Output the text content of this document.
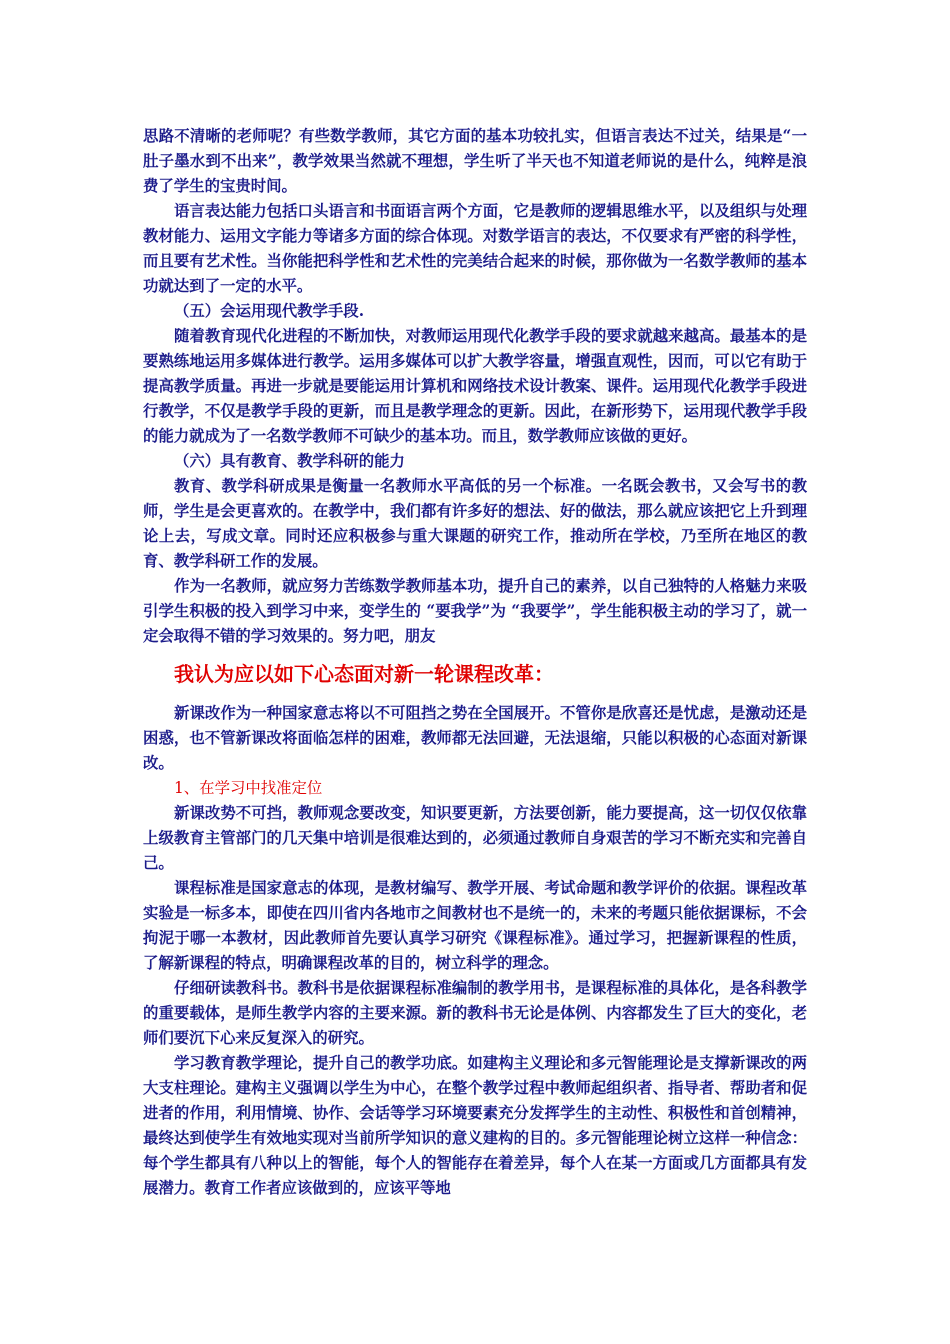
思路不清晰的老师呢？有些数学教师，其它方面的基本功较扎实，但语言表达不过关，结果是“一肚子墨水到不出来”，教学效果当然就不理想，学生听了半天也不知道老师说的是什么，纯粹是浪费了学生的宝贵时间。

语言表达能力包括口头语言和书面语言两个方面，它是教师的逻辑思维水平，以及组织与处理教材能力、运用文字能力等诸多方面的综合体现。对数学语言的表达，不仅要求有严密的科学性，而且要有艺术性。当你能把科学性和艺术性的完美结合起来的时候，那你做为一名数学教师的基本功就达到了一定的水平。

（五）会运用现代教学手段.

随着教育现代化进程的不断加快，对教师运用现代化教学手段的要求就越来越高。最基本的是要熟练地运用多媒体进行教学。运用多媒体可以扩大教学容量，增强直观性，因而，可以它有助于提高教学质量。再进一步就是要能运用计算机和网络技术设计教案、课件。运用现代化教学手段进行教学，不仅是教学手段的更新，而且是教学理念的更新。因此，在新形势下，运用现代教学手段的能力就成为了一名数学教师不可缺少的基本功。而且，数学教师应该做的更好。

（六）具有教育、教学科研的能力

教育、教学科研成果是衡量一名教师水平高低的另一个标准。一名既会教书，又会写书的教师，学生是会更喜欢的。在教学中，我们都有许多好的想法、好的做法，那么就应该把它上升到理论上去，写成文章。同时还应积极参与重大课题的研究工作，推动所在学校，乃至所在地区的教育、教学科研工作的发展。

作为一名教师，就应努力苦练数学教师基本功，提升自己的素养，以自己独特的人格魅力来吸引学生积极的投入到学习中来，变学生的 “要我学”为 “我要学”，学生能积极主动的学习了，就一定会取得不错的学习效果的。努力吧，朋友

我认为应以如下心态面对新一轮课程改革：

新课改作为一种国家意志将以不可阻挡之势在全国展开。不管你是欣喜还是忧虑，是激动还是困惑，也不管新课改将面临怎样的困难，教师都无法回避，无法退缩，只能以积极的心态面对新课改。

1、在学习中找准定位

新课改势不可挡，教师观念要改变，知识要更新，方法要创新，能力要提高，这一切仅仅依靠上级教育主管部门的几天集中培训是很难达到的，必须通过教师自身艰苦的学习不断充实和完善自己。

课程标准是国家意志的体现，是教材编写、教学开展、考试命题和教学评价的依据。课程改革实验是一标多本，即使在四川省内各地市之间教材也不是统一的，未来的考题只能依据课标，不会拘泥于哪一本教材，因此教师首先要认真学习研究《课程标准》。通过学习，把握新课程的性质，了解新课程的特点，明确课程改革的目的，树立科学的理念。

仔细研读教科书。教科书是依据课程标准编制的教学用书，是课程标准的具体化，是各科教学的重要载体，是师生教学内容的主要来源。新的教科书无论是体例、内容都发生了巨大的变化，老师们要沉下心来反复深入的研究。

学习教育教学理论，提升自己的教学功底。如建构主义理论和多元智能理论是支撑新课改的两大支柱理论。建构主义强调以学生为中心，在整个教学过程中教师起组织者、指导者、帮助者和促进者的作用，利用情境、协作、会话等学习环境要素充分发挥学生的主动性、积极性和首创精神，最终达到使学生有效地实现对当前所学知识的意义建构的目的。多元智能理论树立这样一种信念：每个学生都具有八种以上的智能，每个人的智能存在着差异，每个人在某一方面或几方面都具有发展潜力。教育工作者应该做到的，应该平等地
